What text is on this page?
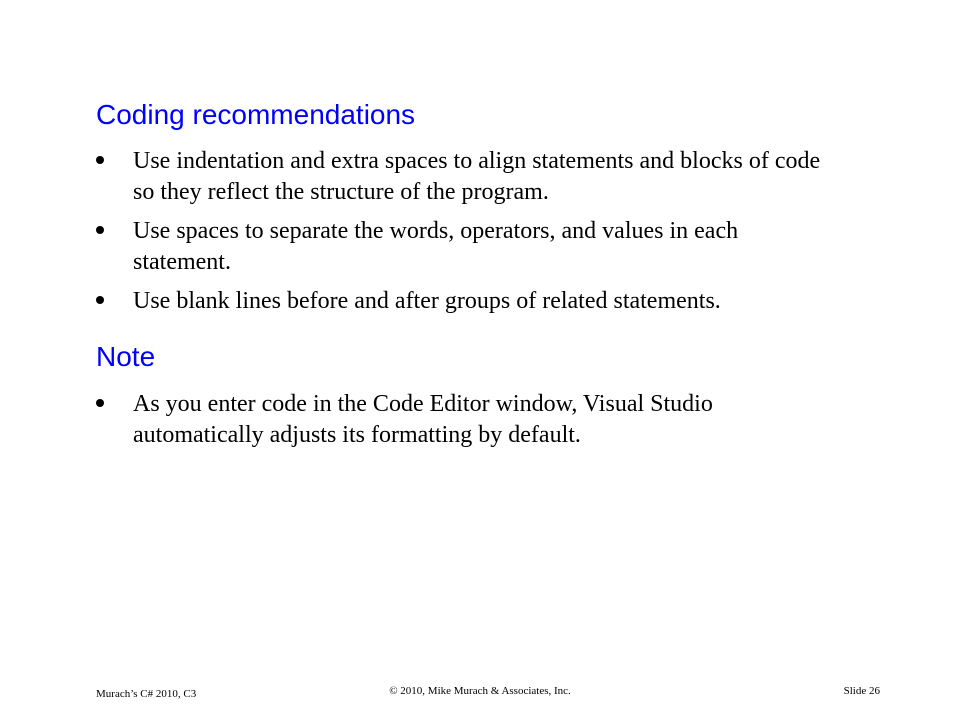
Coding recommendations
Use indentation and extra spaces to align statements and blocks of code so they reflect the structure of the program.
Use spaces to separate the words, operators, and values in each statement.
Use blank lines before and after groups of related statements.
Note
As you enter code in the Code Editor window, Visual Studio automatically adjusts its formatting by default.
Murach’s C# 2010, C3	© 2010, Mike Murach & Associates, Inc.	Slide 26
